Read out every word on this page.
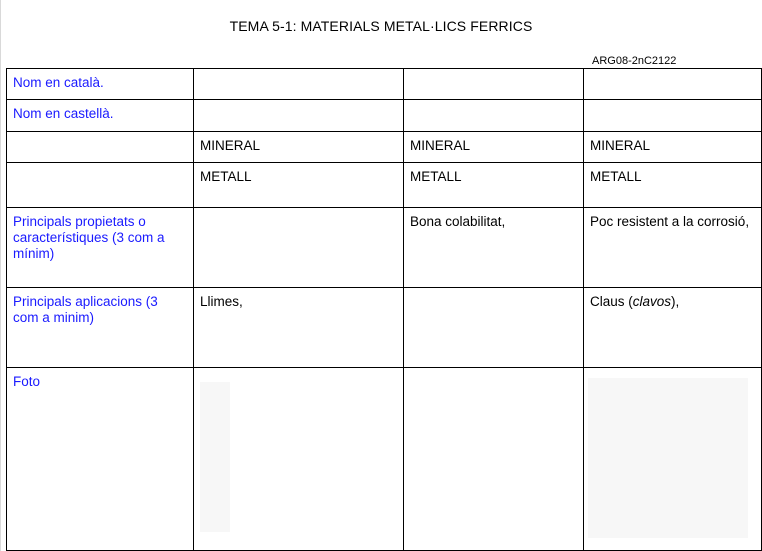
TEMA 5-1: MATERIALS METAL·LICS FERRICS
ARG08-2nC2122
Nom en català.			
Nom en castellà.			
	MINERAL	MINERAL	MINERAL
	METALL	METALL	METALL
Principals propietats o característiques (3 com a mínim)		Bona colabilitat,	Poc resistent a la corrosió,
Principals aplicacions (3 com a minim)	Llimes,		Claus (clavos),
Foto	
